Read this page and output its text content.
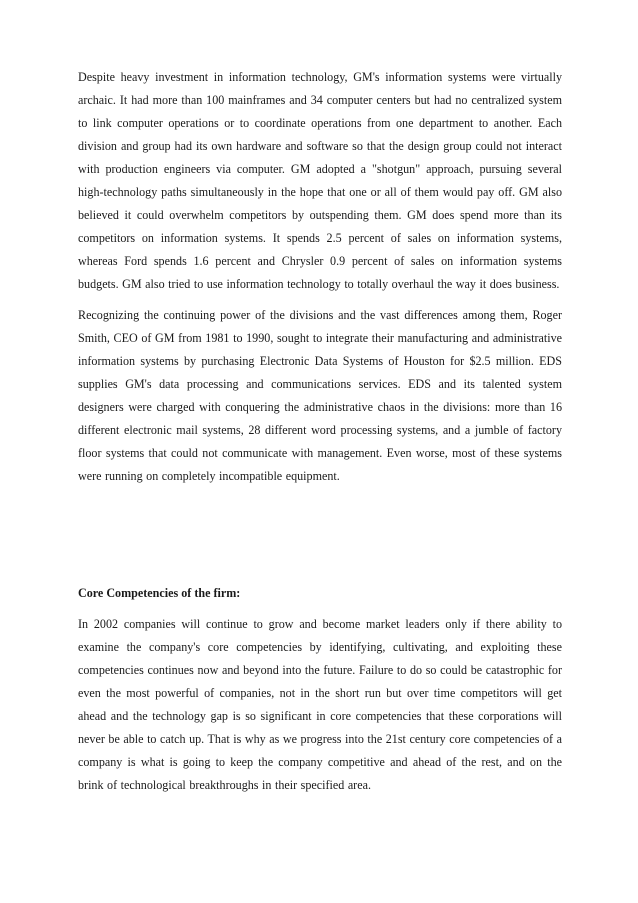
Despite heavy investment in information technology, GM's information systems were virtually archaic. It had more than 100 mainframes and 34 computer centers but had no centralized system to link computer operations or to coordinate operations from one department to another. Each division and group had its own hardware and software so that the design group could not interact with production engineers via computer. GM adopted a "shotgun" approach, pursuing several high-technology paths simultaneously in the hope that one or all of them would pay off. GM also believed it could overwhelm competitors by outspending them. GM does spend more than its competitors on information systems. It spends 2.5 percent of sales on information systems, whereas Ford spends 1.6 percent and Chrysler 0.9 percent of sales on information systems budgets. GM also tried to use information technology to totally overhaul the way it does business.

Recognizing the continuing power of the divisions and the vast differences among them, Roger Smith, CEO of GM from 1981 to 1990, sought to integrate their manufacturing and administrative information systems by purchasing Electronic Data Systems of Houston for $2.5 million. EDS supplies GM's data processing and communications services. EDS and its talented system designers were charged with conquering the administrative chaos in the divisions: more than 16 different electronic mail systems, 28 different word processing systems, and a jumble of factory floor systems that could not communicate with management. Even worse, most of these systems were running on completely incompatible equipment.

Core Competencies of the firm:

In 2002 companies will continue to grow and become market leaders only if there ability to examine the company's core competencies by identifying, cultivating, and exploiting these competencies continues now and beyond into the future. Failure to do so could be catastrophic for even the most powerful of companies, not in the short run but over time competitors will get ahead and the technology gap is so significant in core competencies that these corporations will never be able to catch up. That is why as we progress into the 21st century core competencies of a company is what is going to keep the company competitive and ahead of the rest, and on the brink of technological breakthroughs in their specified area.
